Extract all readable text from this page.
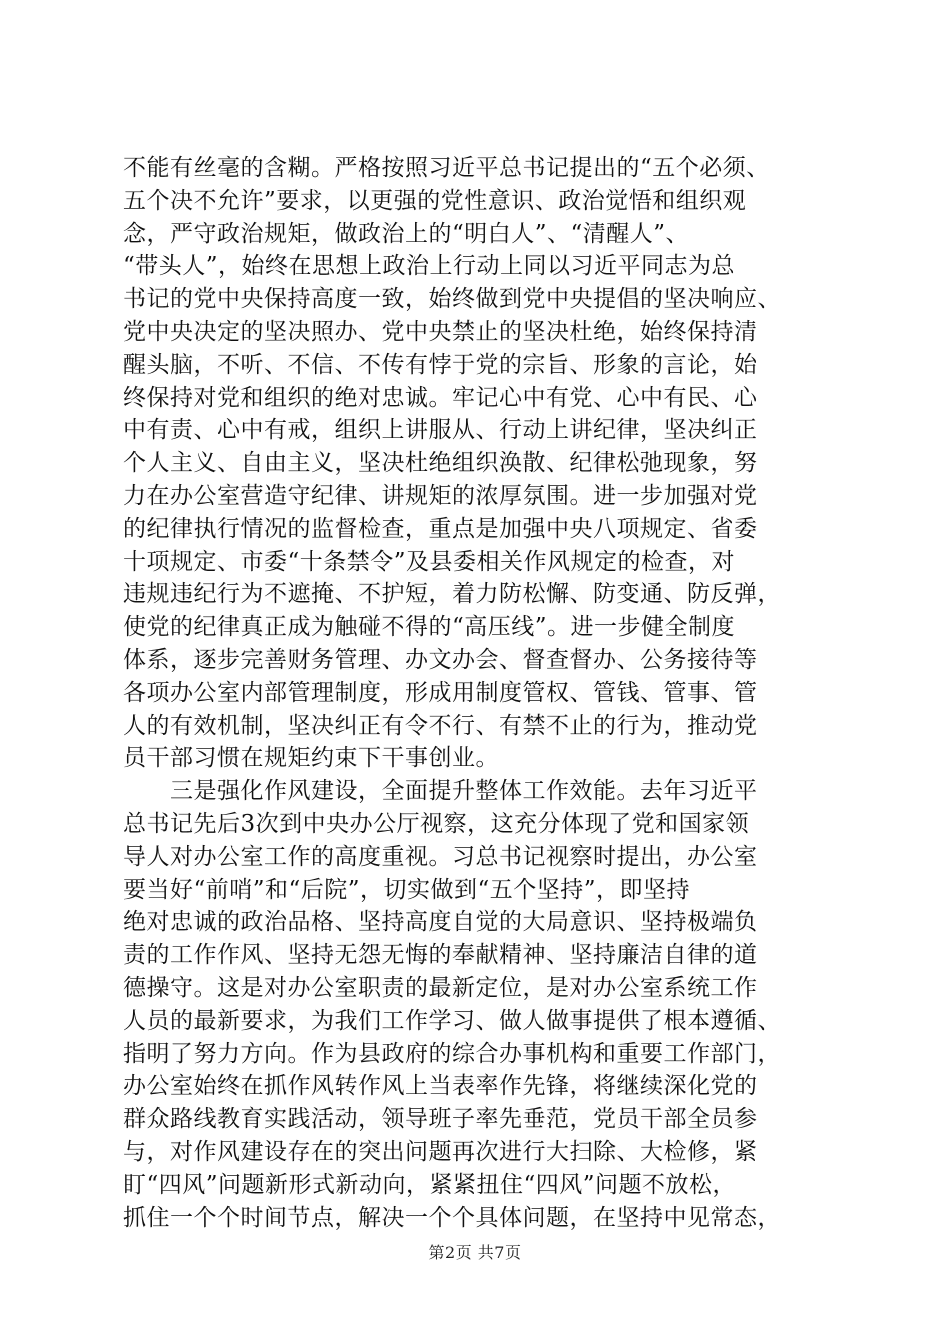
不能有丝毫的含糊。严格按照习近平总书记提出的“五个必须、
五个决不允许”要求，以更强的党性意识、政治觉悟和组织观
念，严守政治规矩，做政治上的“明白人”、“清醒人”、
“带头人”，始终在思想上政治上行动上同以习近平同志为总
书记的党中央保持高度一致，始终做到党中央提倡的坚决响应、
党中央决定的坚决照办、党中央禁止的坚决杜绝，始终保持清
醒头脑，不听、不信、不传有悖于党的宗旨、形象的言论，始
终保持对党和组织的绝对忠诚。牢记心中有党、心中有民、心
中有责、心中有戒，组织上讲服从、行动上讲纪律，坚决纠正
个人主义、自由主义，坚决杜绝组织涣散、纪律松弛现象，努
力在办公室营造守纪律、讲规矩的浓厚氛围。进一步加强对党
的纪律执行情况的监督检查，重点是加强中央八项规定、省委
十项规定、市委“十条禁令”及县委相关作风规定的检查，对
违规违纪行为不遮掩、不护短，着力防松懈、防变通、防反弹，
使党的纪律真正成为触碰不得的“高压线”。进一步健全制度
体系，逐步完善财务管理、办文办会、督查督办、公务接待等
各项办公室内部管理制度，形成用制度管权、管钱、管事、管
人的有效机制，坚决纠正有令不行、有禁不止的行为，推动党
员干部习惯在规矩约束下干事创业。
　　三是强化作风建设，全面提升整体工作效能。去年习近平
总书记先后3次到中央办公厅视察，这充分体现了党和国家领
导人对办公室工作的高度重视。习总书记视察时提出，办公室
要当好“前哨”和“后院”，切实做到“五个坚持”，即坚持
绝对忠诚的政治品格、坚持高度自觉的大局意识、坚持极端负
责的工作作风、坚持无怨无悔的奉献精神、坚持廉洁自律的道
德操守。这是对办公室职责的最新定位，是对办公室系统工作
人员的最新要求，为我们工作学习、做人做事提供了根本遵循、
指明了努力方向。作为县政府的综合办事机构和重要工作部门，
办公室始终在抓作风转作风上当表率作先锋，将继续深化党的
群众路线教育实践活动，领导班子率先垂范，党员干部全员参
与，对作风建设存在的突出问题再次进行大扫除、大检修，紧
盯“四风”问题新形式新动向，紧紧扭住“四风”问题不放松，
抓住一个个时间节点，解决一个个具体问题，在坚持中见常态，
第2页 共7页
